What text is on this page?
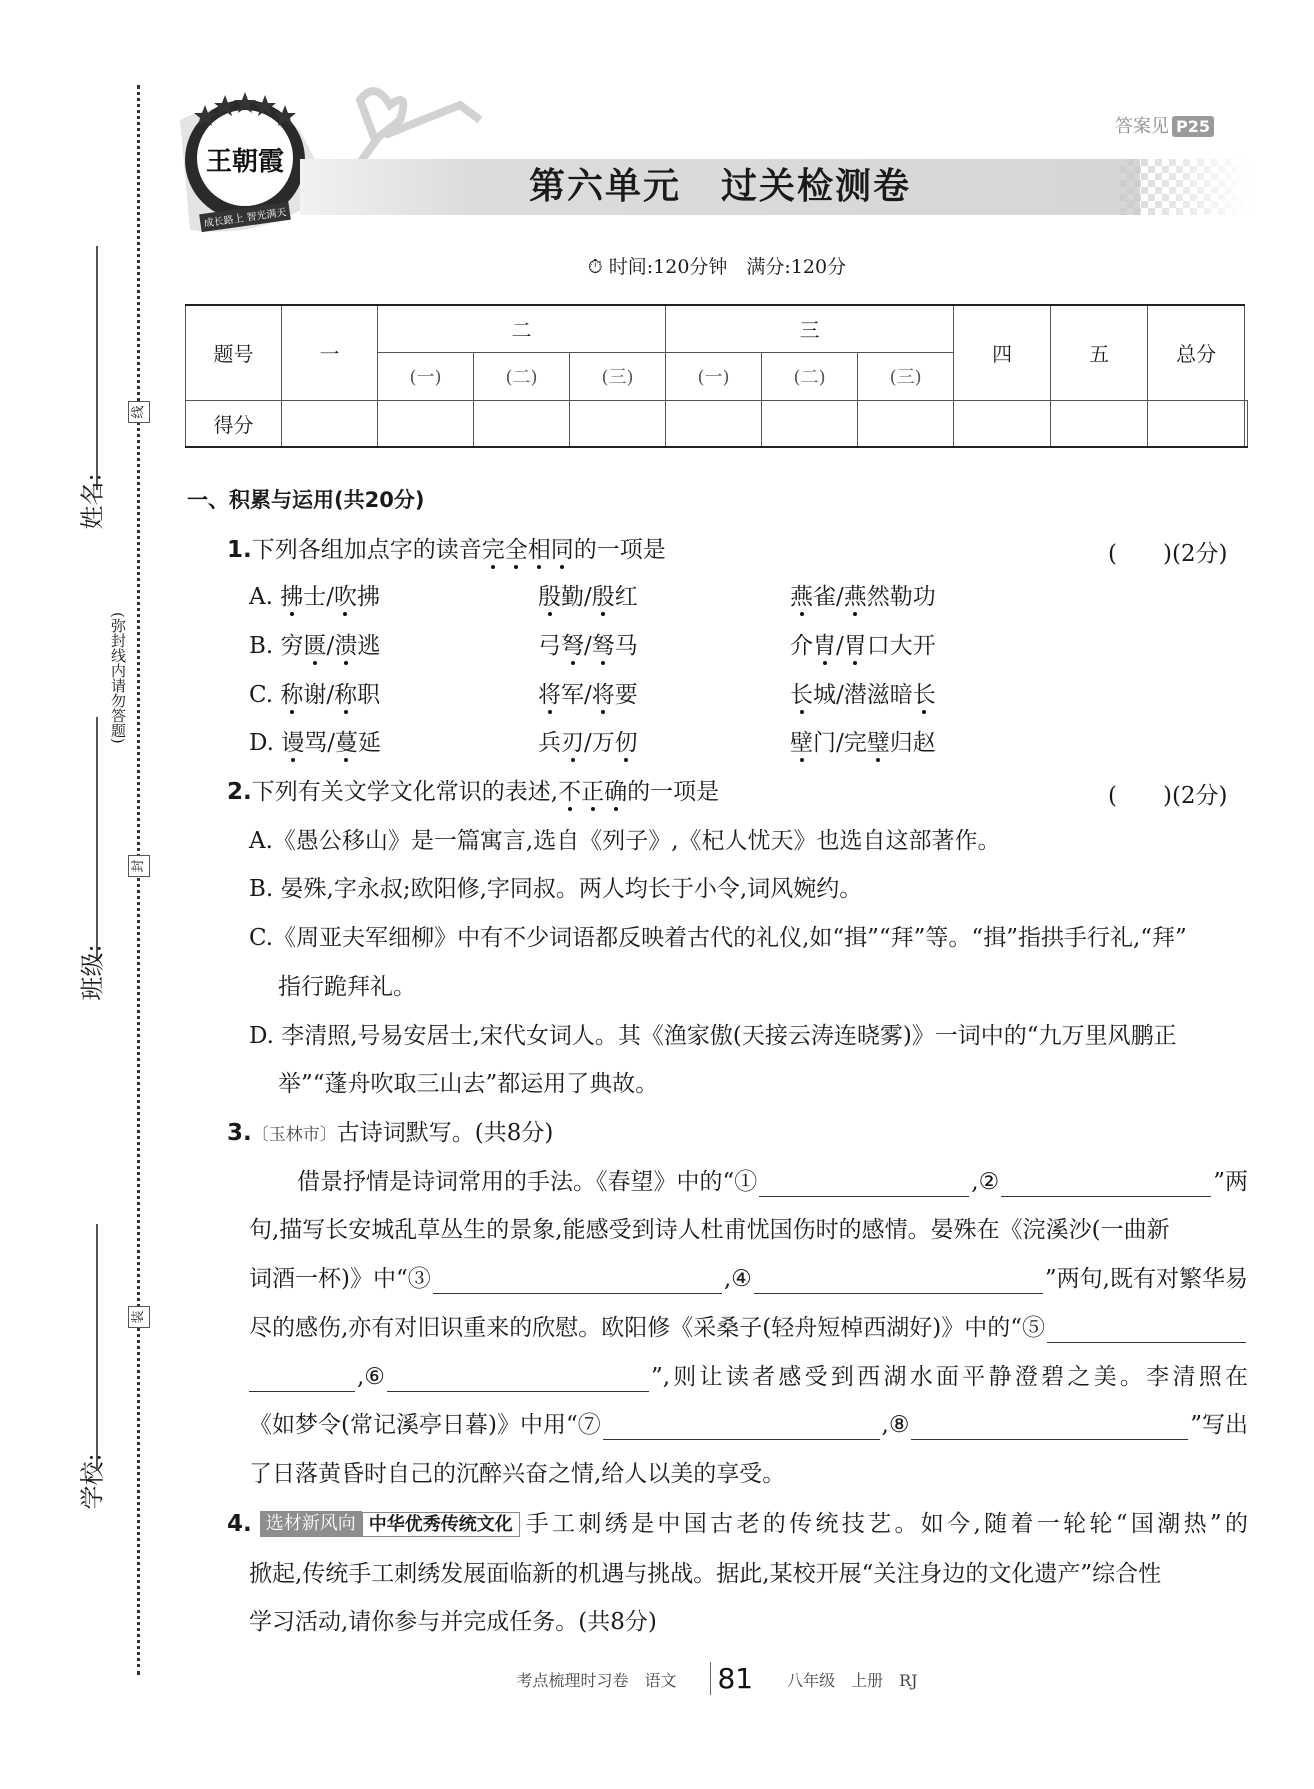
姓名:
班级:
学校:
线
封
装
(弥封线内请勿答题)
王朝霞
成长路上 智光满天
答案见 P25
第六单元 过关检测卷
⏱ 时间:120分钟　满分:120分
题号	一	二			三			四	五	总分	
		(一)	(二)	(三)	(一)	(二)	(三)				
得分											
一、积累与运用(共20分)
1.下列各组加点字的读音完全相同的一项是	(　　)(2分)
A. 拂士/吹拂	殷勤/殷红	燕雀/燕然勒功
B. 穷匮/溃逃	弓弩/驽马	介胄/胃口大开
C. 称谢/称职	将军/将要	长城/潜滋暗长
D. 谩骂/蔓延	兵刃/万仞	壁门/完璧归赵
2.下列有关文学文化常识的表述,不正确的一项是	(　　)(2分)
A.《愚公移山》是一篇寓言,选自《列子》,《杞人忧天》也选自这部著作。
B. 晏殊,字永叔;欧阳修,字同叔。两人均长于小令,词风婉约。
C.《周亚夫军细柳》中有不少词语都反映着古代的礼仪,如“揖”“拜”等。“揖”指拱手行礼,“拜”
指行跪拜礼。
D. 李清照,号易安居士,宋代女词人。其《渔家傲(天接云涛连晓雾)》一词中的“九万里风鹏正
举”“蓬舟吹取三山去”都运用了典故。
3.〔玉林市〕古诗词默写。(共8分)
借景抒情是诗词常用的手法。《春望》中的“①	,②	”两
句,描写长安城乱草丛生的景象,能感受到诗人杜甫忧国伤时的感情。晏殊在《浣溪沙(一曲新
词酒一杯)》中“③	,④	”两句,既有对繁华易
尽的感伤,亦有对旧识重来的欣慰。欧阳修《采桑子(轻舟短棹西湖好)》中的“⑤
,⑥	”,则让读者感受到西湖水面平静澄碧之美。李清照在
《如梦令(常记溪亭日暮)》中用“⑦	,⑧	”写出
了日落黄昏时自己的沉醉兴奋之情,给人以美的享受。
4. 选材新风向 中华优秀传统文化 手工刺绣是中国古老的传统技艺。如今,随着一轮轮“国潮热”的
掀起,传统手工刺绣发展面临新的机遇与挑战。据此,某校开展“关注身边的文化遗产”综合性
学习活动,请你参与并完成任务。(共8分)
考点梳理时习卷　语文 81 八年级　上册　RJ
